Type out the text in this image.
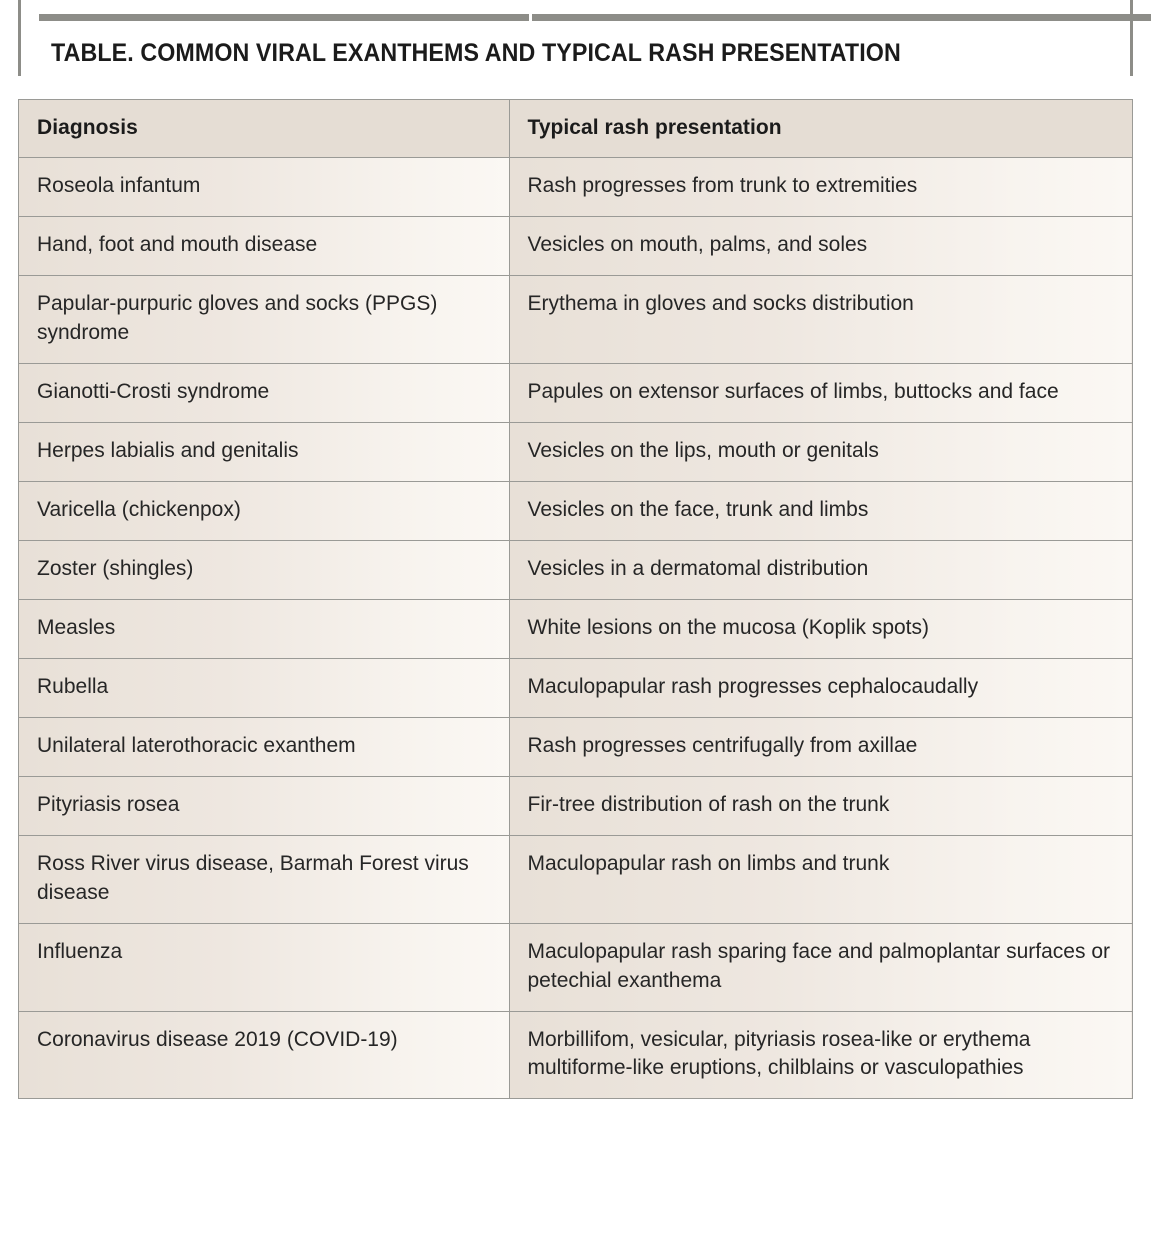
TABLE. COMMON VIRAL EXANTHEMS AND TYPICAL RASH PRESENTATION
Diagnosis	Typical rash presentation

Roseola infantum	Rash progresses from trunk to extremities

Hand, foot and mouth disease	Vesicles on mouth, palms, and soles

Papular-purpuric gloves and socks (PPGS) syndrome	Erythema in gloves and socks distribution

Gianotti-Crosti syndrome	Papules on extensor surfaces of limbs, buttocks and face

Herpes labialis and genitalis	Vesicles on the lips, mouth or genitals

Varicella (chickenpox)	Vesicles on the face, trunk and limbs

Zoster (shingles)	Vesicles in a dermatomal distribution

Measles	White lesions on the mucosa (Koplik spots)

Rubella	Maculopapular rash progresses cephalocaudally

Unilateral laterothoracic exanthem	Rash progresses centrifugally from axillae

Pityriasis rosea	Fir-tree distribution of rash on the trunk

Ross River virus disease, Barmah Forest virus disease	Maculopapular rash on limbs and trunk

Influenza	Maculopapular rash sparing face and palmoplantar surfaces or petechial exanthema

Coronavirus disease 2019 (COVID-19)	Morbillifom, vesicular, pityriasis rosea-like or erythema multiforme-like eruptions, chilblains or vasculopathies
